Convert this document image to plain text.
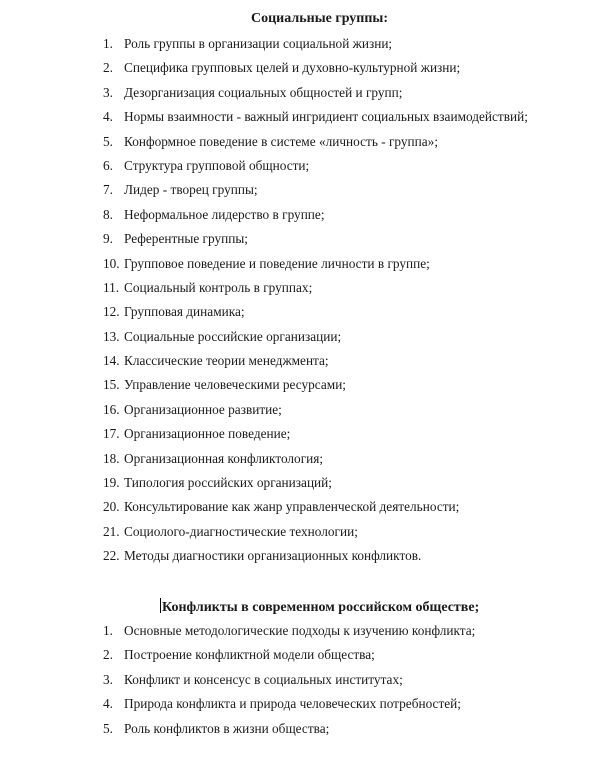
Социальные группы:
1. Роль группы в организации социальной жизни;
2. Специфика групповых целей и духовно-культурной жизни;
3. Дезорганизация социальных общностей и групп;
4. Нормы взаимности - важный ингридиент социальных взаимодействий;
5. Конформное поведение в системе «личность - группа»;
6. Структура групповой общности;
7. Лидер - творец группы;
8. Неформальное лидерство в группе;
9. Референтные группы;
10. Групповое поведение и поведение личности в группе;
11. Социальный контроль в группах;
12. Групповая динамика;
13. Социальные российские организации;
14. Классические теории менеджмента;
15. Управление человеческими ресурсами;
16. Организационное развитие;
17. Организационное поведение;
18. Организационная конфликтология;
19. Типология российских организаций;
20. Консультирование как жанр управленческой деятельности;
21. Социолого-диагностические технологии;
22. Методы диагностики организационных конфликтов.
Конфликты в современном российском обществе;
1. Основные методологические подходы к изучению конфликта;
2. Построение конфликтной модели общества;
3. Конфликт и консенсус в социальных институтах;
4. Природа конфликта и природа человеческих потребностей;
5. Роль конфликтов в жизни общества;
